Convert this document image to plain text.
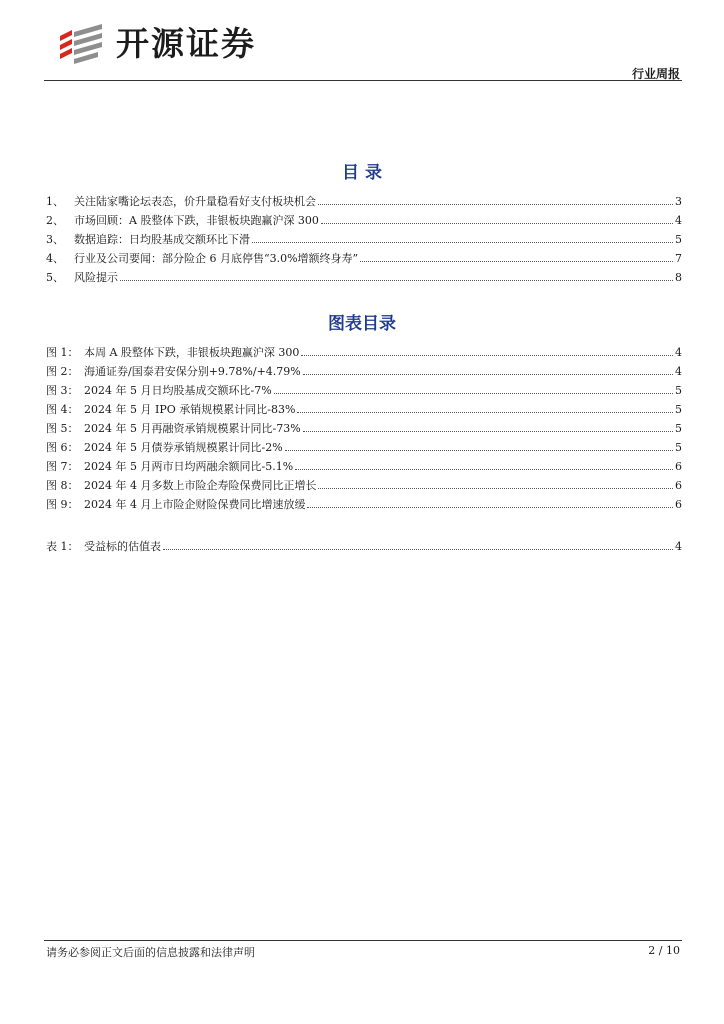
开源证券
行业周报
目 录
1、 关注陆家嘴论坛表态，价升量稳看好支付板块机会	3
2、 市场回顾：A 股整体下跌，非银板块跑赢沪深 300	4
3、 数据追踪：日均股基成交额环比下滑	5
4、 行业及公司要闻：部分险企 6 月底停售“3.0%增额终身寿”	7
5、 风险提示	8
图表目录
图 1： 本周 A 股整体下跌，非银板块跑赢沪深 300	4
图 2： 海通证券/国泰君安保分别+9.78%/+4.79%	4
图 3： 2024 年 5 月日均股基成交额环比-7%	5
图 4： 2024 年 5 月 IPO 承销规模累计同比-83%	5
图 5： 2024 年 5 月再融资承销规模累计同比-73%	5
图 6： 2024 年 5 月债券承销规模累计同比-2%	5
图 7： 2024 年 5 月两市日均两融余额同比-5.1%	6
图 8： 2024 年 4 月多数上市险企寿险保费同比正增长	6
图 9： 2024 年 4 月上市险企财险保费同比增速放缓	6
表 1： 受益标的估值表	4
请务必参阅正文后面的信息披露和法律声明	2 / 10
